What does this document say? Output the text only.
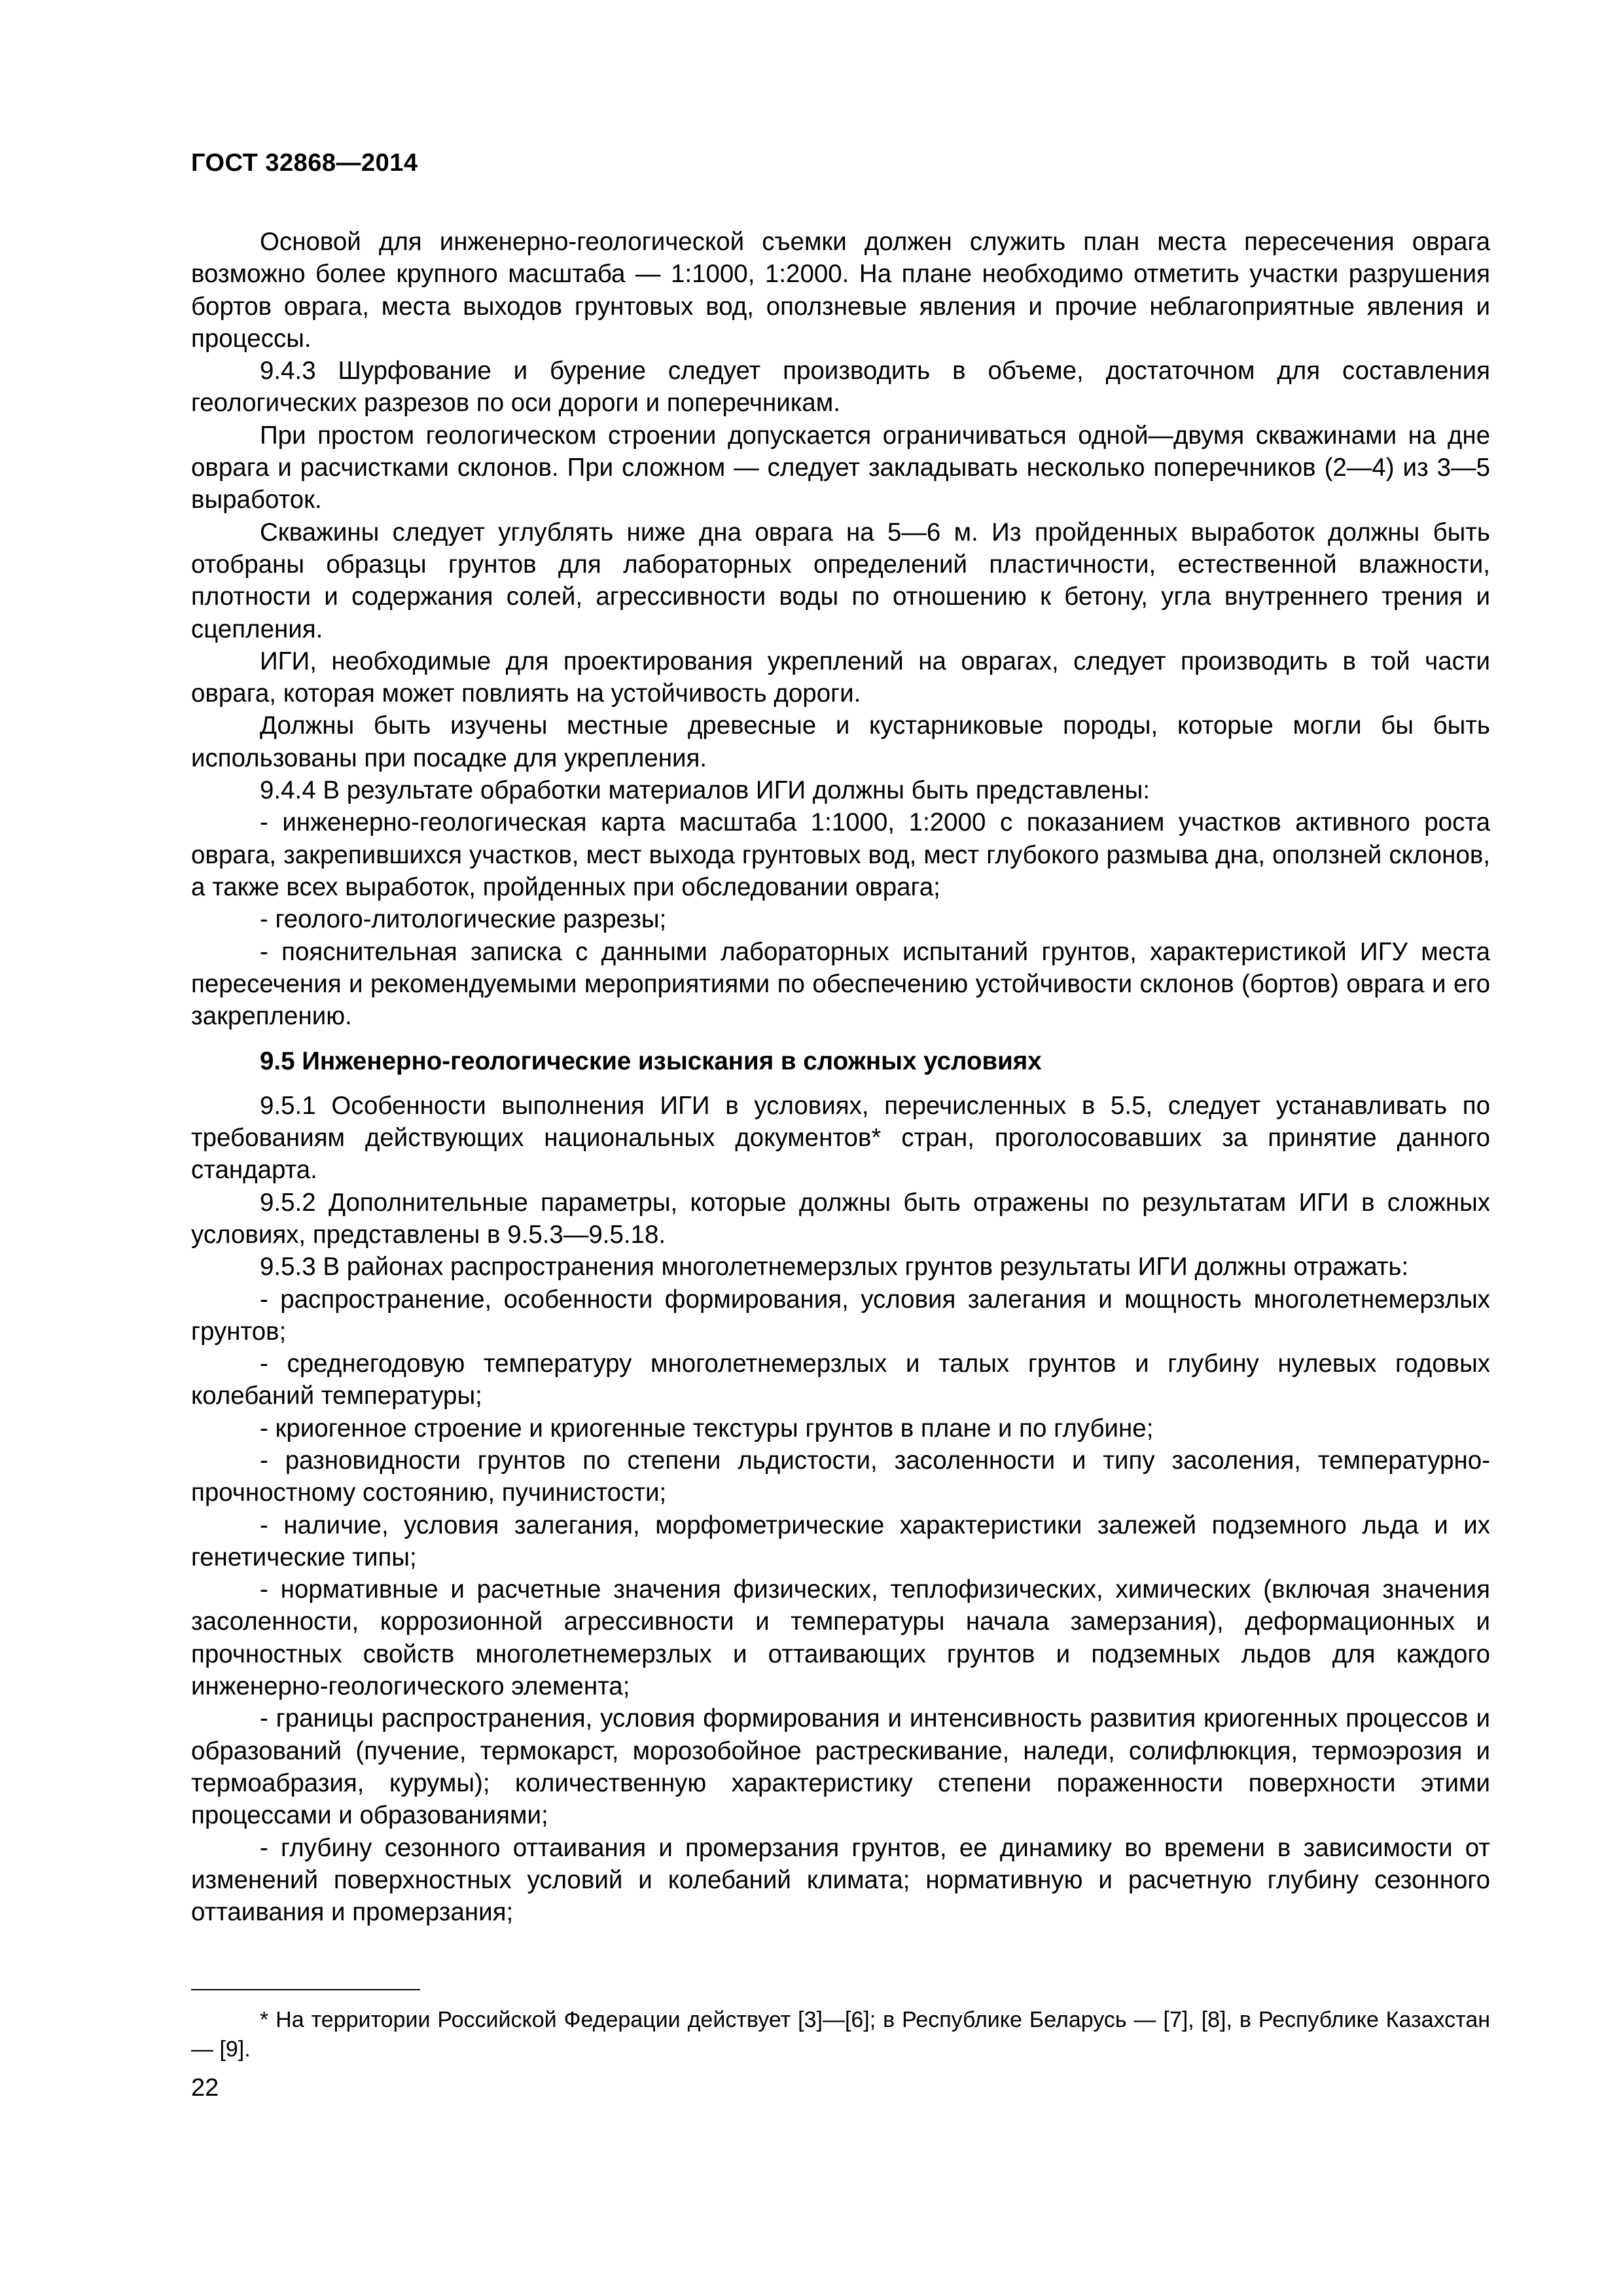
ГОСТ 32868—2014

Основой для инженерно-геологической съемки должен служить план места пересечения оврага возможно более крупного масштаба — 1:1000, 1:2000. На плане необходимо отметить участки разрушения бортов оврага, места выходов грунтовых вод, оползневые явления и прочие неблагоприятные явления и процессы.

9.4.3 Шурфование и бурение следует производить в объеме, достаточном для составления геологических разрезов по оси дороги и поперечникам.

При простом геологическом строении допускается ограничиваться одной—двумя скважинами на дне оврага и расчистками склонов. При сложном — следует закладывать несколько поперечников (2—4) из 3—5 выработок.

Скважины следует углублять ниже дна оврага на 5—6 м. Из пройденных выработок должны быть отобраны образцы грунтов для лабораторных определений пластичности, естественной влажности, плотности и содержания солей, агрессивности воды по отношению к бетону, угла внутреннего трения и сцепления.

ИГИ, необходимые для проектирования укреплений на оврагах, следует производить в той части оврага, которая может повлиять на устойчивость дороги.

Должны быть изучены местные древесные и кустарниковые породы, которые могли бы быть использованы при посадке для укрепления.

9.4.4 В результате обработки материалов ИГИ должны быть представлены:

- инженерно-геологическая карта масштаба 1:1000, 1:2000 с показанием участков активного роста оврага, закрепившихся участков, мест выхода грунтовых вод, мест глубокого размыва дна, оползней склонов, а также всех выработок, пройденных при обследовании оврага;

- геолого-литологические разрезы;

- пояснительная записка с данными лабораторных испытаний грунтов, характеристикой ИГУ места пересечения и рекомендуемыми мероприятиями по обеспечению устойчивости склонов (бортов) оврага и его закреплению.

9.5 Инженерно-геологические изыскания в сложных условиях

9.5.1 Особенности выполнения ИГИ в условиях, перечисленных в 5.5, следует устанавливать по требованиям действующих национальных документов* стран, проголосовавших за принятие данного стандарта.

9.5.2 Дополнительные параметры, которые должны быть отражены по результатам ИГИ в сложных условиях, представлены в 9.5.3—9.5.18.

9.5.3 В районах распространения многолетнемерзлых грунтов результаты ИГИ должны отражать:

- распространение, особенности формирования, условия залегания и мощность многолетнемерзлых грунтов;

- среднегодовую температуру многолетнемерзлых и талых грунтов и глубину нулевых годовых колебаний температуры;

- криогенное строение и криогенные текстуры грунтов в плане и по глубине;

- разновидности грунтов по степени льдистости, засоленности и типу засоления, температурно-прочностному состоянию, пучинистости;

- наличие, условия залегания, морфометрические характеристики залежей подземного льда и их генетические типы;

- нормативные и расчетные значения физических, теплофизических, химических (включая значения засоленности, коррозионной агрессивности и температуры начала замерзания), деформационных и прочностных свойств многолетнемерзлых и оттаивающих грунтов и подземных льдов для каждого инженерно-геологического элемента;

- границы распространения, условия формирования и интенсивность развития криогенных процессов и образований (пучение, термокарст, морозобойное растрескивание, наледи, солифлюкция, термоэрозия и термоабразия, курумы); количественную характеристику степени пораженности поверхности этими процессами и образованиями;

- глубину сезонного оттаивания и промерзания грунтов, ее динамику во времени в зависимости от изменений поверхностных условий и колебаний климата; нормативную и расчетную глубину сезонного оттаивания и промерзания;

* На территории Российской Федерации действует [3]—[6]; в Республике Беларусь — [7], [8], в Республике Казахстан — [9].

22
